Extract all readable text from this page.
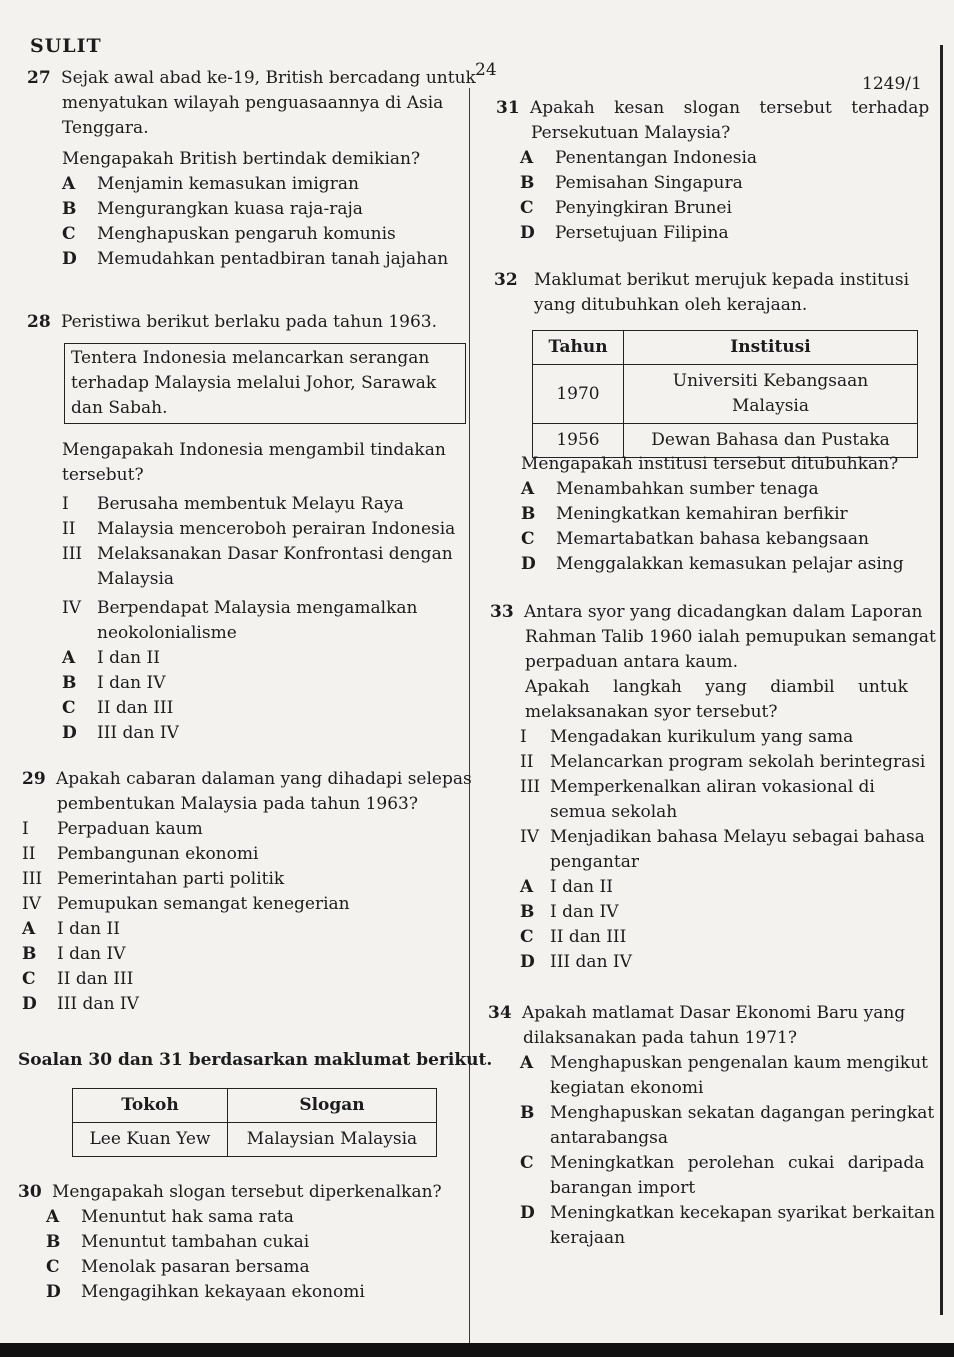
SULIT
24
1249/1
27 Sejak awal abad ke-19, British bercadang untuk
menyatukan wilayah penguasaannya di Asia
Tenggara.
Mengapakah British bertindak demikian?
A Menjamin kemasukan imigran
B Mengurangkan kuasa raja-raja
C Menghapuskan pengaruh komunis
D Memudahkan pentadbiran tanah jajahan
28 Peristiwa berikut berlaku pada tahun 1963.
Tentera Indonesia melancarkan serangan
terhadap Malaysia melalui Johor, Sarawak
dan Sabah.
Mengapakah Indonesia mengambil tindakan
tersebut?
I Berusaha membentuk Melayu Raya
II Malaysia menceroboh perairan Indonesia
III Melaksanakan Dasar Konfrontasi dengan
Malaysia
IV Berpendapat Malaysia mengamalkan
neokolonialisme
A I dan II
B I dan IV
C II dan III
D III dan IV
29 Apakah cabaran dalaman yang dihadapi selepas
pembentukan Malaysia pada tahun 1963?
I Perpaduan kaum
II Pembangunan ekonomi
III Pemerintahan parti politik
IV Pemupukan semangat kenegerian
A I dan II
B I dan IV
C II dan III
D III dan IV
Soalan 30 dan 31 berdasarkan maklumat berikut.
Tokoh	Slogan
Lee Kuan Yew	Malaysian Malaysia
30 Mengapakah slogan tersebut diperkenalkan?
A Menuntut hak sama rata
B Menuntut tambahan cukai
C Menolak pasaran bersama
D Mengagihkan kekayaan ekonomi
31 Apakah kesan slogan tersebut terhadap
Persekutuan Malaysia?
A Penentangan Indonesia
B Pemisahan Singapura
C Penyingkiran Brunei
D Persetujuan Filipina
32 Maklumat berikut merujuk kepada institusi
yang ditubuhkan oleh kerajaan.
Tahun	Institusi
1970	Universiti Kebangsaan Malaysia
1956	Dewan Bahasa dan Pustaka
Mengapakah institusi tersebut ditubuhkan?
A Menambahkan sumber tenaga
B Meningkatkan kemahiran berfikir
C Memartabatkan bahasa kebangsaan
D Menggalakkan kemasukan pelajar asing
33 Antara syor yang dicadangkan dalam Laporan
Rahman Talib 1960 ialah pemupukan semangat
perpaduan antara kaum.
Apakah langkah yang diambil untuk
melaksanakan syor tersebut?
I Mengadakan kurikulum yang sama
II Melancarkan program sekolah berintegrasi
III Memperkenalkan aliran vokasional di
semua sekolah
IV Menjadikan bahasa Melayu sebagai bahasa
pengantar
A I dan II
B I dan IV
C II dan III
D III dan IV
34 Apakah matlamat Dasar Ekonomi Baru yang
dilaksanakan pada tahun 1971?
A Menghapuskan pengenalan kaum mengikut
kegiatan ekonomi
B Menghapuskan sekatan dagangan peringkat
antarabangsa
C Meningkatkan perolehan cukai daripada
barangan import
D Meningkatkan kecekapan syarikat berkaitan
kerajaan
